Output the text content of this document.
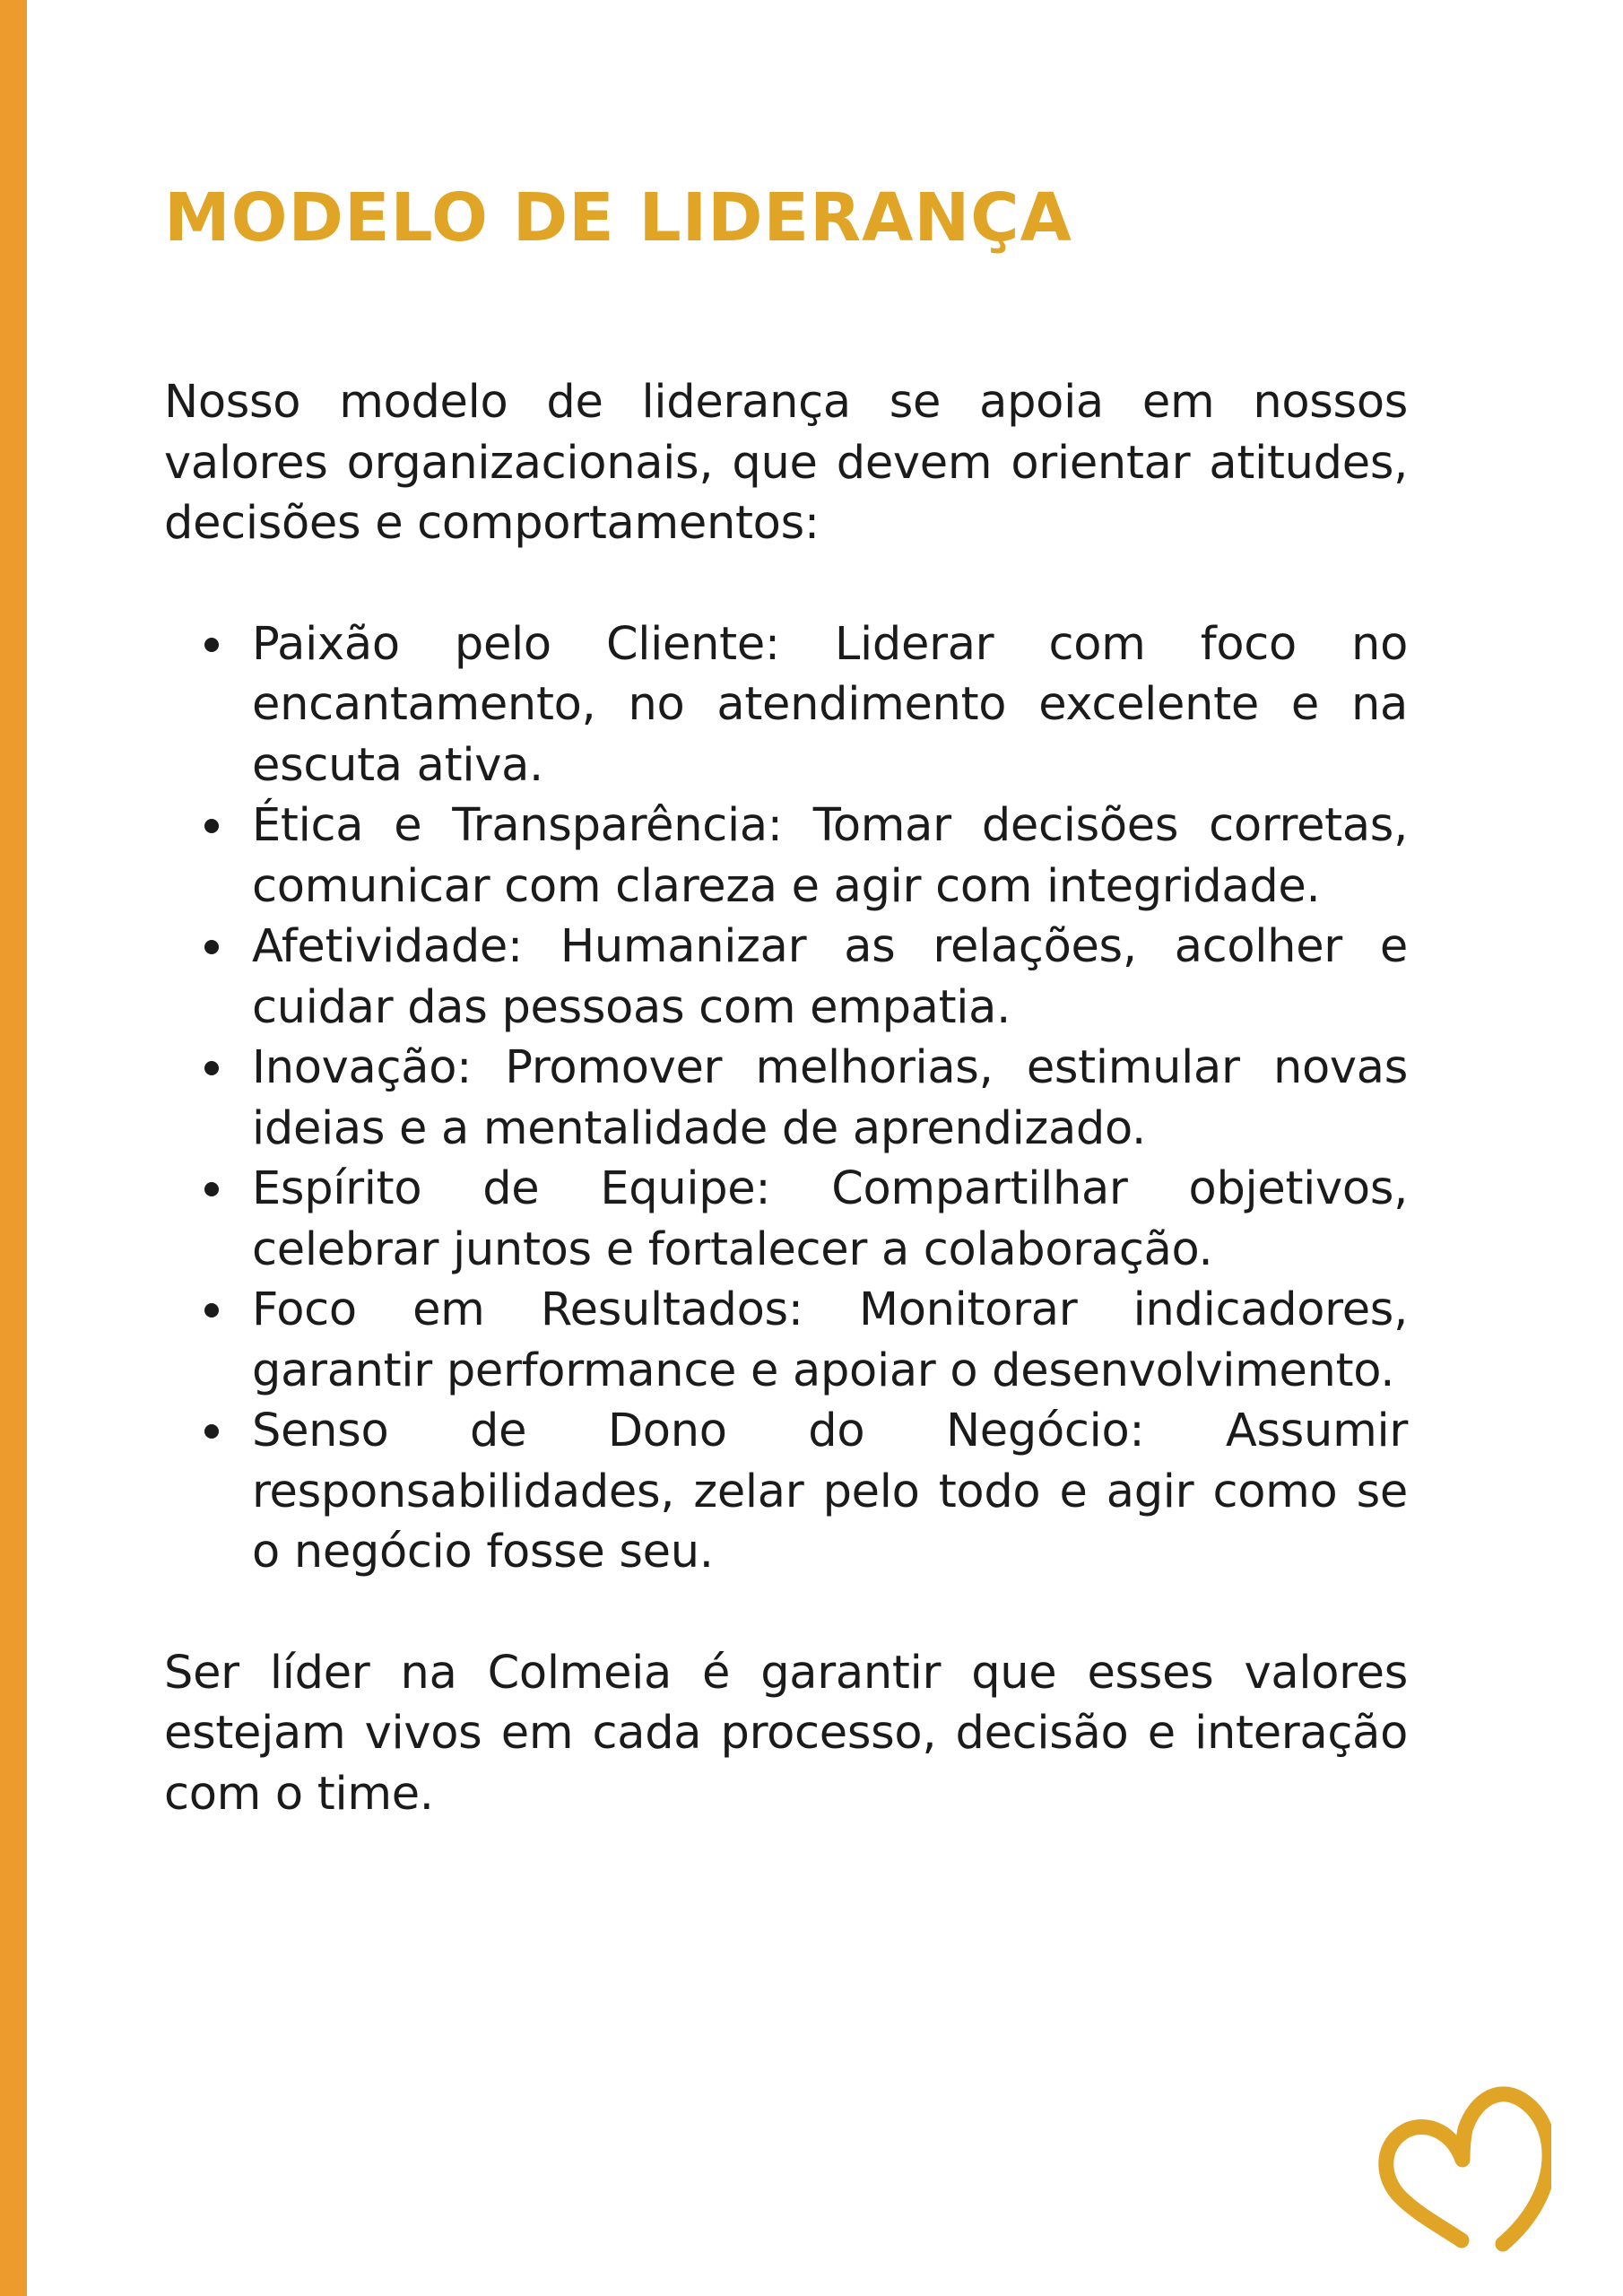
MODELO DE LIDERANÇA

Nosso modelo de liderança se apoia em nossos valores organizacionais, que devem orientar atitudes, decisões e comportamentos:

Paixão pelo Cliente: Liderar com foco no encantamento, no atendimento excelente e na escuta ativa.
Ética e Transparência: Tomar decisões corretas, comunicar com clareza e agir com integridade.
Afetividade: Humanizar as relações, acolher e cuidar das pessoas com empatia.
Inovação: Promover melhorias, estimular novas ideias e a mentalidade de aprendizado.
Espírito de Equipe: Compartilhar objetivos, celebrar juntos e fortalecer a colaboração.
Foco em Resultados: Monitorar indicadores, garantir performance e apoiar o desenvolvimento.
Senso de Dono do Negócio: Assumir responsabilidades, zelar pelo todo e agir como se o negócio fosse seu.

Ser líder na Colmeia é garantir que esses valores estejam vivos em cada processo, decisão e interação com o time.
